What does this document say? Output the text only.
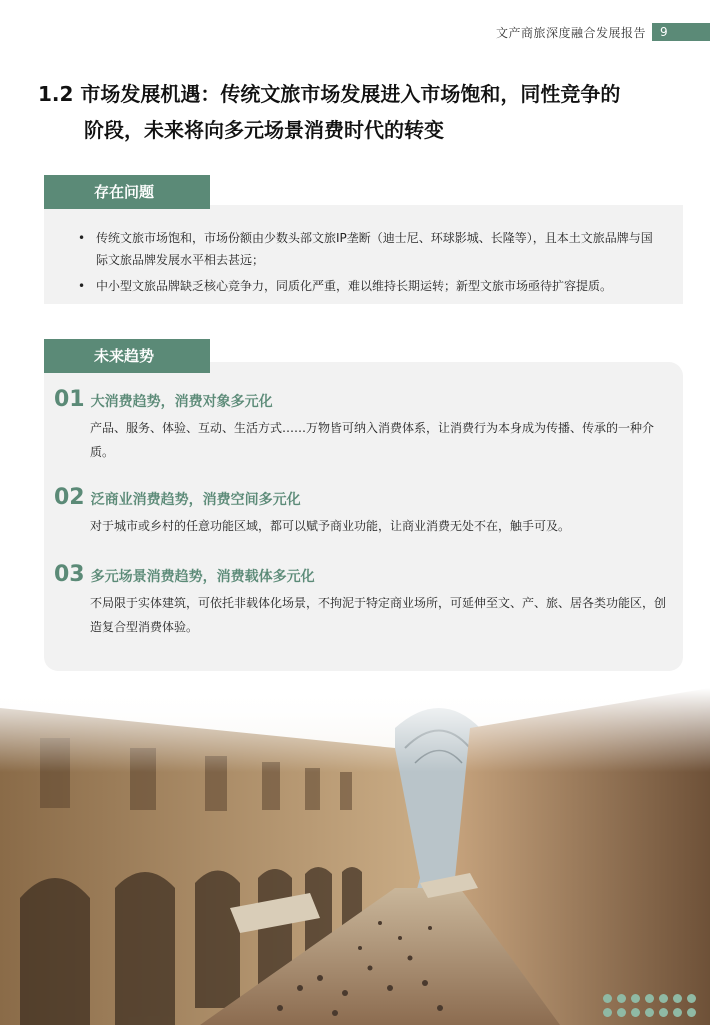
文产商旅深度融合发展报告	9
1.2 市场发展机遇：传统文旅市场发展进入市场饱和，同性竞争的
阶段，未来将向多元场景消费时代的转变
• 传统文旅市场饱和，市场份额由少数头部文旅IP垄断（迪士尼、环球影城、长隆等），且本土文旅品牌与国际文旅品牌发展水平相去甚远；
• 中小型文旅品牌缺乏核心竞争力，同质化严重，难以维持长期运转；新型文旅市场亟待扩容提质。
存在问题
01 大消费趋势，消费对象多元化
产品、服务、体验、互动、生活方式……万物皆可纳入消费体系，让消费行为本身成为传播、传承的一种介质。
02 泛商业消费趋势，消费空间多元化
对于城市或乡村的任意功能区域，都可以赋予商业功能，让商业消费无处不在，触手可及。
03 多元场景消费趋势，消费载体多元化
不局限于实体建筑，可依托非载体化场景，不拘泥于特定商业场所，可延伸至文、产、旅、居各类功能区，创造复合型消费体验。
未来趋势
